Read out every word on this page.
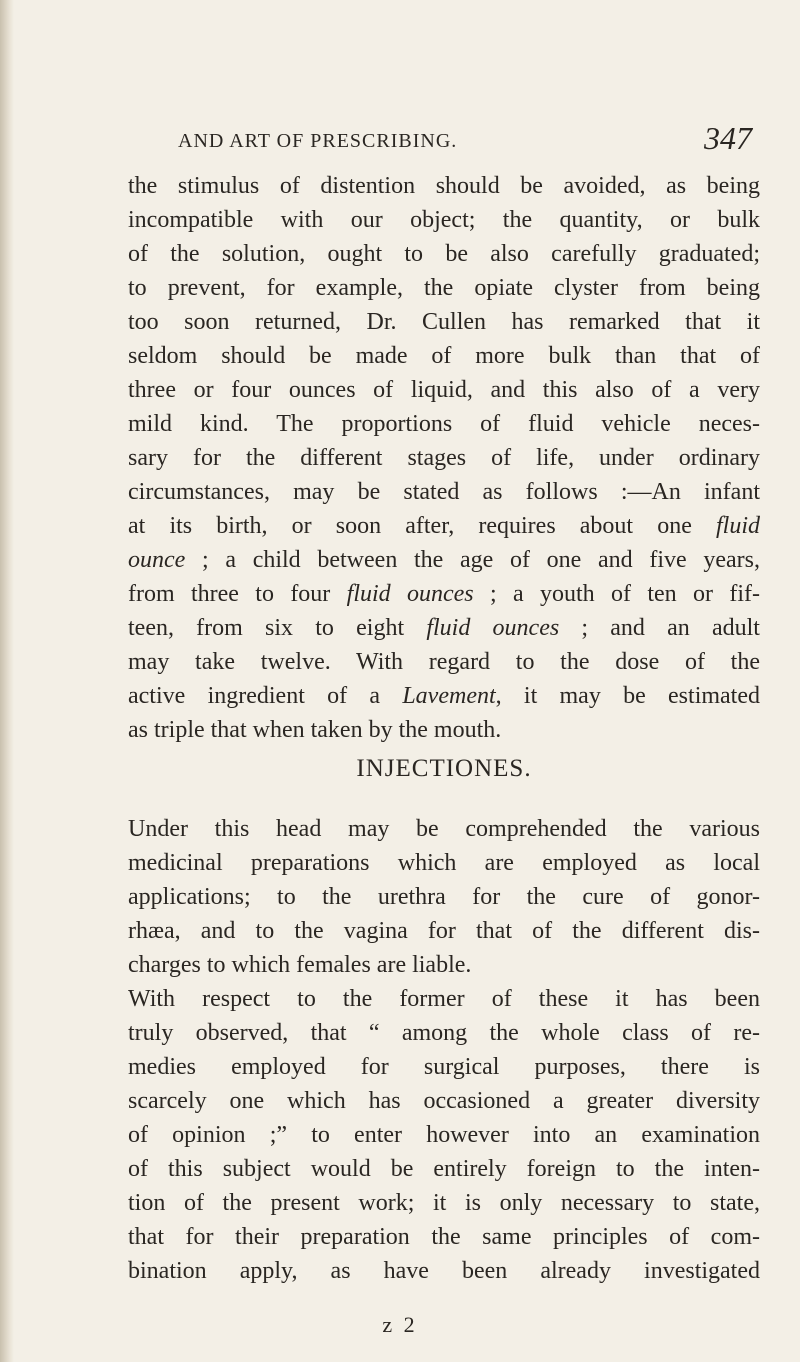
AND ART OF PRESCRIBING.	347
the stimulus of distention should be avoided, as being
incompatible with our object; the quantity, or bulk
of the solution, ought to be also carefully graduated;
to prevent, for example, the opiate clyster from being
too soon returned, Dr. Cullen has remarked that it
seldom should be made of more bulk than that of
three or four ounces of liquid, and this also of a very
mild kind. The proportions of fluid vehicle neces-
sary for the different stages of life, under ordinary
circumstances, may be stated as follows :—An infant
at its birth, or soon after, requires about one fluid
ounce ; a child between the age of one and five years,
from three to four fluid ounces ; a youth of ten or fif-
teen, from six to eight fluid ounces ; and an adult
may take twelve. With regard to the dose of the
active ingredient of a Lavement, it may be estimated
as triple that when taken by the mouth.
INJECTIONES.
Under this head may be comprehended the various
medicinal preparations which are employed as local
applications; to the urethra for the cure of gonor-
rhæa, and to the vagina for that of the different dis-
charges to which females are liable.
With respect to the former of these it has been
truly observed, that “ among the whole class of re-
medies employed for surgical purposes, there is
scarcely one which has occasioned a greater diversity
of opinion ;” to enter however into an examination
of this subject would be entirely foreign to the inten-
tion of the present work; it is only necessary to state,
that for their preparation the same principles of com-
bination apply, as have been already investigated
z 2
